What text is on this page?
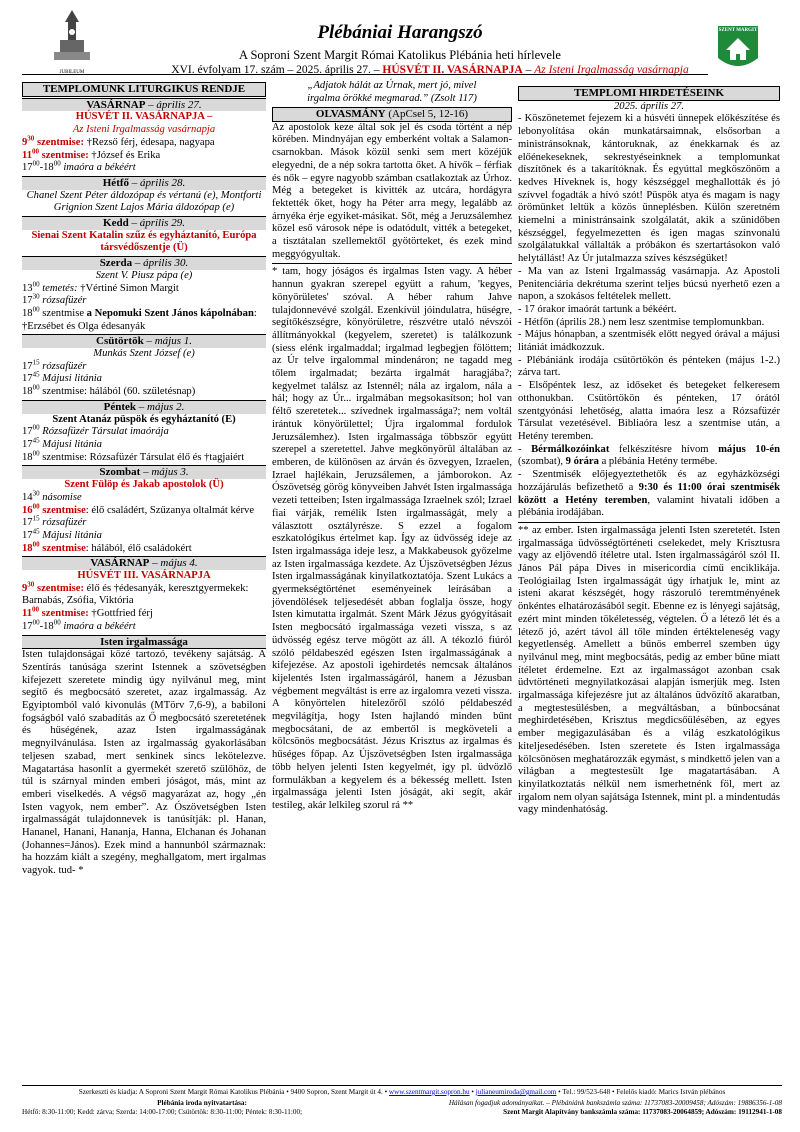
JUBILEUM
Plébániai Harangszó
A Soproni Szent Margit Római Katolikus Plébánia heti hírlevele
XVI. évfolyam 17. szám – 2025. április 27. – HÚSVÉT II. VASÁRNAPJA – Az Isteni Irgalmasság vasárnapja
SZENT MARGIT
TEMPLOMUNK LITURGIKUS RENDJE
VASÁRNAP – április 27.
HÚSVÉT II. VASÁRNAPJA –
Az Isteni Irgalmasság vasárnapja
$9^{30}$ szentmise: †Rezső férj, édesapa, nagyapa
$11^{00}$ szentmise: †József és Erika
$17^{00}-18^{00}$ imaóra a békéért
Hétfő – április 28.
Chanel Szent Péter áldozópap és vértanú (e), Montforti Grignion Szent Lajos Mária áldozópap (e)
Kedd – április 29.
Sienai Szent Katalin szűz és egyháztanító, Európa társvédőszentje (Ü)
Szerda – április 30.
Szent V. Piusz pápa (e)
$13^{00}$ temetés: †Vértiné Simon Margit
$17^{30}$ rózsafüzér
$18^{00}$ szentmise a Nepomuki Szent János kápolnában: †Erzsébet és Olga édesanyák
Csütörtök – május 1.
Munkás Szent József (e)
$17^{15}$ rózsafüzér
$17^{45}$ Májusi litánia
$18^{00}$ szentmise: hálából (60. születésnap)
Péntek – május 2.
Szent Atanáz püspök és egyháztanító (E)
$17^{00}$ Rózsafüzér Társulat imaórája
$17^{45}$ Májusi litánia
$18^{00}$ szentmise: Rózsafüzér Társulat élő és †tagjaiért
Szombat – május 3.
Szent Fülöp és Jakab apostolok (Ü)
$14^{30}$ násomise
$16^{00}$ szentmise: élő családért, Szűzanya oltalmát kérve
$17^{15}$ rózsafüzér
$17^{45}$ Májusi litánia
$18^{00}$ szentmise: hálából, élő családokért
VASÁRNAP – május 4.
HÚSVÉT III. VASÁRNAPJA
$9^{30}$ szentmise: élő és †édesanyák, keresztgyermekek: Barnabás, Zsófia, Viktória
$11^{00}$ szentmise: †Gottfried férj
$17^{00}-18^{00}$ imaóra a békéért
Isten irgalmassága

Isten tulajdonságai közé tartozó, tevékeny sajátság. A Szentírás tanúsága szerint Istennek a szövetségben kifejezett szeretete mindig úgy nyilvánul meg, mint segítő és megbocsátó szeretet, azaz irgalmasság. Az Egyiptomból való kivonulás (MTörv 7,6-9), a babiloni fogságból való szabadítás az Ő megbocsátó szeretetének és hűségének, azaz Isten irgalmasságának megnyilvánulása. Isten az irgalmasság gyakorlásában teljesen szabad, mert senkinek sincs lekötelezve. Magatartása hasonlít a gyermekét szerető szülőhöz, de túl is szárnyal minden emberi jóságot, más, mint az emberi viselkedés. A végső magyarázat az, hogy „én Isten vagyok, nem ember”. Az Ószövetségben Isten irgalmasságát tulajdonnevek is tanúsítják: pl. Hanan, Hananel, Hanani, Hananja, Hanna, Elchanan és Johanan (Johannes=János). Ezek mind a hannunból származnak: ha hozzám kiált a szegény, meghallgatom, mert irgalmas vagyok. tud- *

„Adjatok hálát az Úrnak, mert jó, mivel
irgalma örökké megmarad.” (Zsolt 117)
OLVASMÁNY (ApCsel 5, 12-16)

Az apostolok keze által sok jel és csoda történt a nép körében. Mindnyájan egy emberként voltak a Salamon-csarnokban. Mások közül senki sem mert közéjük elegyedni, de a nép sokra tartotta őket. A hívők – férfiak és nők – egyre nagyobb számban csatlakoztak az Úrhoz. Még a betegeket is kivitték az utcára, hordágyra fektették őket, hogy ha Péter arra megy, legalább az árnyéka érje egyiket-másikat. Sőt, még a Jeruzsálemhez közel eső városok népe is odatódult, vitték a betegeket, a tisztátalan szellemektől gyötörteket, és ezek mind meggyógyultak.

* tam, hogy jóságos és irgalmas Isten vagy. A héber hannun gyakran szerepel együtt a rahum, 'kegyes, könyörületes' szóval. A héber rahum Jahve tulajdonnevévé szolgál. Ezenkívül jóindulatra, hűségre, segítőkészségre, könyörületre, részvétre utaló névszói állítmányokkal (kegyelem, szeretet) is találkozunk (siess elénk irgalmaddal; irgalmad legbegjen fölöttem; az Úr telve irgalommal mindenáron; ne tagadd meg tőlem irgalmadat; bezárta irgalmát haragjába?; kegyelmet találsz az Istennél; nála az irgalom, nála a hál; hogy az Úr... irgalmában megsokasítson; hol van féltő szeretetek... szívednek irgalmassága?; nem voltál irántuk könyörülettel; Újra irgalommal fordulok Jeruzsálemhez). Isten irgalmassága többször együtt szerepel a szeretettel. Jahve megkönyörül általában az emberen, de különösen az árván és özvegyen, Izraelen, Izrael hajlékain, Jeruzsálemen, a jámborokon. Az Ószövetség görög könyveiben Jahvét Isten irgalmassága vezeti tetteiben; Isten irgalmassága Izraelnek szól; Izrael fiai várják, remélik Isten irgalmasságát, mely a választott osztályrésze. S ezzel a fogalom eszkatológikus értelmet kap. Így az üdvösség ideje az Isten irgalmassága ideje lesz, a Makkabeusok győzelme az Isten irgalmassága kezdete. Az Újszövetségben Jézus Isten irgalmasságának kinyilatkoztatója. Szent Lukács a gyermekségtörténet eseményeinek leírásában a jövendölések teljesedését abban foglalja össze, hogy Isten kimutatta irgalmát. Szent Márk Jézus gyógyításait Isten megbocsátó irgalmassága vezeti vissza, s az üdvösség egész terve mögött az áll. A tékozló fiúról szóló példabeszéd egészen Isten irgalmasságának a kifejezése. Az apostoli igehirdetés nemcsak általános kijelentés Isten irgalmasságáról, hanem a Jézusban végbement megváltást is erre az irgalomra vezeti vissza. A könyörtelen hitelezőről szóló példabeszéd megvilágítja, hogy Isten hajlandó minden bűnt megbocsátani, de az embertől is megköveteli a kölcsönös megbocsátást. Jézus Krisztus az irgalmas és hűséges főpap. Az Újszövetségben Isten irgalmassága több helyen jelenti Isten kegyelmét, így pl. üdvözlő formulákban a kegyelem és a békesség mellett. Isten irgalmassága jelenti Isten jóságát, aki segít, akár testileg, akár lelkileg szorul rá **

TEMPLOMI HIRDETÉSEINK
2025. április 27.

- Köszönetemet fejezem ki a húsvéti ünnepek előkészítése és lebonyolítása okán munkatársaimnak, elsősorban a ministránsoknak, kántoruknak, az énekkarnak és az előénekeseknek, sekrestyéseinknek a templomunkat díszítőnek és a takarítóknak. És egyúttal megköszönöm a kedves Híveknek is, hogy készséggel meghallották és jó szívvel fogadták a hívó szót! Püspök atya és magam is nagy örömünket leltük a közös ünneplésben. Külön szeretném kiemelni a ministránsaink szolgálatát, akik a szünidőben készséggel, fegyelmezetten és igen magas színvonalú szolgálatukkal vállalták a próbákon és szertartásokon való helytállást! Az Úr jutalmazza szíves készségüket!

- Ma van az Isteni Irgalmasság vasárnapja. Az Apostoli Penitenciária dekrétuma szerint teljes búcsú nyerhető ezen a napon, a szokásos feltételek mellett.

- 17 órakor imaórát tartunk a békéért.

- Hétfőn (április 28.) nem lesz szentmise templomunkban.

- Május hónapban, a szentmisék előtt negyed órával a májusi litániát imádkozzuk.

- Plébániánk irodája csütörtökön és pénteken (május 1-2.) zárva tart.

- Elsőpéntek lesz, az időseket és betegeket felkeresem otthonukban. Csütörtökön és pénteken, 17 órától szentgyónási lehetőség, alatta imaóra lesz a Rózsafüzér Társulat vezetésével. Bibliaóra lesz a szentmise után, a Hetény teremben.

- Bérmálkozóinkat felkészítésre hívom május 10-én (szombat), 9 órára a plébánia Hetény termébe.

- Szentmisék előjegyeztethetők és az egyházközségi hozzájárulás befizethető a 9:30 és 11:00 órai szentmisék között a Hetény teremben, valamint hivatali időben a plébánia irodájában.

** az ember. Isten irgalmassága jelenti Isten szeretetét. Isten irgalmassága üdvösségtörténeti cselekedet, mely Krisztusra vagy az eljövendő ítéletre utal. Isten irgalmasságáról szól II. János Pál pápa Dives in misericordia című enciklikája. Teológiailag Isten irgalmasságát úgy írhatjuk le, mint az isteni akarat készségét, hogy rászoruló teremtményének önkéntes elhatározásából segít. Ebenne ez is lényegi sajátság, ezért mint minden tökéletesség, végtelen. Ő a létező lét és a létező jó, azért távol áll tőle minden értékteleneség vagy kegyetlenség. Amellett a bűnös emberrel szemben úgy nyilvánul meg, mint megbocsátás, pedig az ember bűne miatt ítéletet érdemelne. Ezt az irgalmasságot azonban csak üdvtörténeti megnyilatkozásai alapján ismerjük meg. Isten irgalmassága kifejezésre jut az általános üdvözítő akaratban, a megtestesülésben, a megváltásban, a bűnbocsánat meghirdetésében, Krisztus megdicsőülésében, az egyes ember megigazulásában és a világ eszkatológikus kiteljesedésében. Isten szeretete és Isten irgalmassága kölcsönösen meghatározzák egymást, s mindkettő jelen van a világban a megtestesült Ige magatartásában. A kinyilatkoztatás nélkül nem ismerhetnénk föl, mert az irgalom nem olyan sajátsága Istennek, mint pl. a mindentudás vagy mindenhatóság.

Szerkeszti és kiadja: A Soproni Szent Margit Római Katolikus Plébánia • 9400 Sopron, Szent Margit út 4. • www.szentmargit.sopron.hu • julianeumiroda@gmail.com • Tel.: 99/523-648 • Felelős kiadó: Marics István plébános
Plébánia iroda nyitvatartása:
Hétfő: 8:30-11:00; Kedd: zárva; Szerda: 14:00-17:00; Csütörtök: 8:30-11:00; Péntek: 8:30-11:00;
Hálásan fogadjuk adományaikat. – Plébániánk bankszámla száma: 11737083-20009458; Adószám: 19886356-1-08
Szent Margit Alapítvány bankszámla száma: 11737083-20064859; Adószám: 19112941-1-08
